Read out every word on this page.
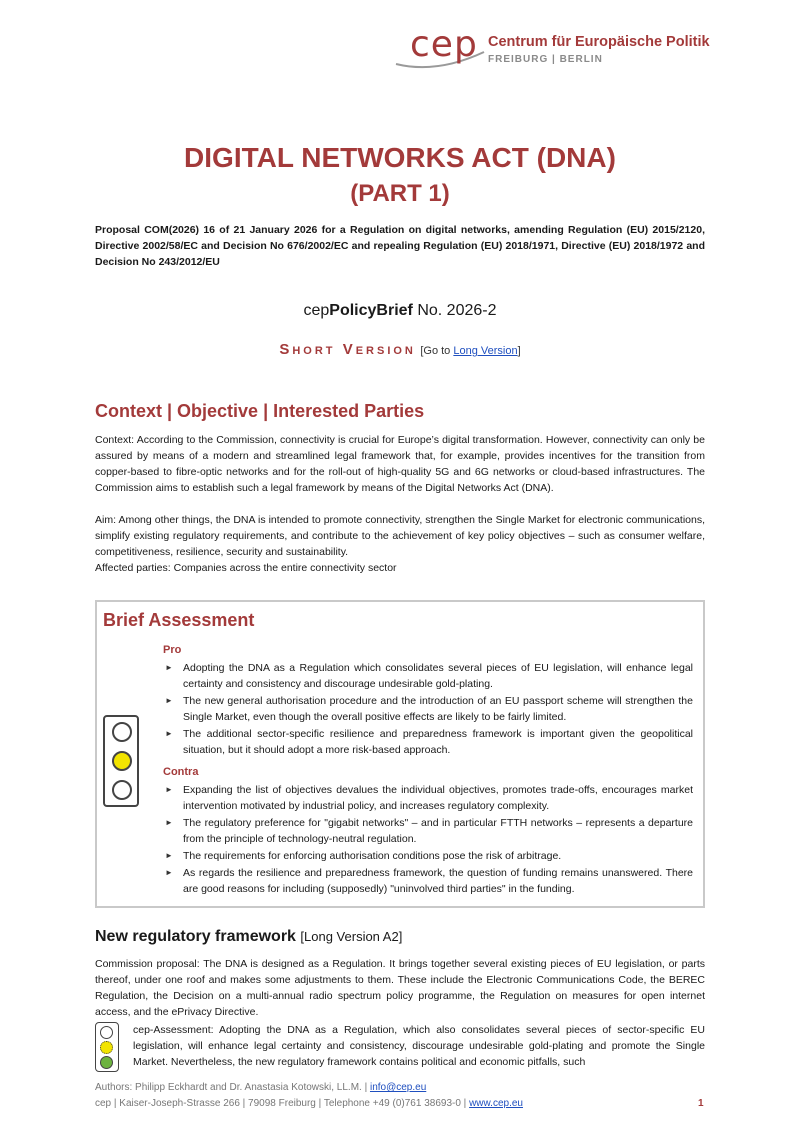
cep Centrum für Europäische Politik
FREIBURG | BERLIN
DIGITAL NETWORKS ACT (DNA)
(PART 1)
Proposal COM(2026) 16 of 21 January 2026 for a Regulation on digital networks, amending Regulation (EU) 2015/2120, Directive 2002/58/EC and Decision No 676/2002/EC and repealing Regulation (EU) 2018/1971, Directive (EU) 2018/1972 and Decision No 243/2012/EU
cepPolicyBrief No. 2026-2
Short Version [Go to Long Version]
Context | Objective | Interested Parties
Context: According to the Commission, connectivity is crucial for Europe’s digital transformation. However, connectivity can only be assured by means of a modern and streamlined legal framework that, for example, provides incentives for the transition from copper-based to fibre-optic networks and for the roll-out of high-quality 5G and 6G networks or cloud-based infrastructures. The Commission aims to establish such a legal framework by means of the Digital Networks Act (DNA).
Aim: Among other things, the DNA is intended to promote connectivity, strengthen the Single Market for electronic communications, simplify existing regulatory requirements, and contribute to the achievement of key policy objectives – such as consumer welfare, competitiveness, resilience, security and sustainability.
Affected parties: Companies across the entire connectivity sector
Brief Assessment
Pro
► Adopting the DNA as a Regulation which consolidates several pieces of EU legislation, will enhance legal certainty and consistency and discourage undesirable gold-plating.
► The new general authorisation procedure and the introduction of an EU passport scheme will strengthen the Single Market, even though the overall positive effects are likely to be fairly limited.
► The additional sector-specific resilience and preparedness framework is important given the geopolitical situation, but it should adopt a more risk-based approach.
Contra
► Expanding the list of objectives devalues the individual objectives, promotes trade-offs, encourages market intervention motivated by industrial policy, and increases regulatory complexity.
► The regulatory preference for "gigabit networks" – and in particular FTTH networks – represents a departure from the principle of technology-neutral regulation.
► The requirements for enforcing authorisation conditions pose the risk of arbitrage.
► As regards the resilience and preparedness framework, the question of funding remains unanswered. There are good reasons for including (supposedly) "uninvolved third parties" in the funding.
New regulatory framework [Long Version A2]
Commission proposal: The DNA is designed as a Regulation. It brings together several existing pieces of EU legislation, or parts thereof, under one roof and makes some adjustments to them. These include the Electronic Communications Code, the BEREC Regulation, the Decision on a multi-annual radio spectrum policy programme, the Regulation on measures for open internet access, and the ePrivacy Directive.
cep-Assessment: Adopting the DNA as a Regulation, which also consolidates several pieces of sector-specific EU legislation, will enhance legal certainty and consistency, discourage undesirable gold-plating and promote the Single Market. Nevertheless, the new regulatory framework contains political and economic pitfalls, such
Authors: Philipp Eckhardt and Dr. Anastasia Kotowski, LL.M. | info@cep.eu
cep | Kaiser-Joseph-Strasse 266 | 79098 Freiburg | Telephone +49 (0)761 38693-0 | www.cep.eu	1
